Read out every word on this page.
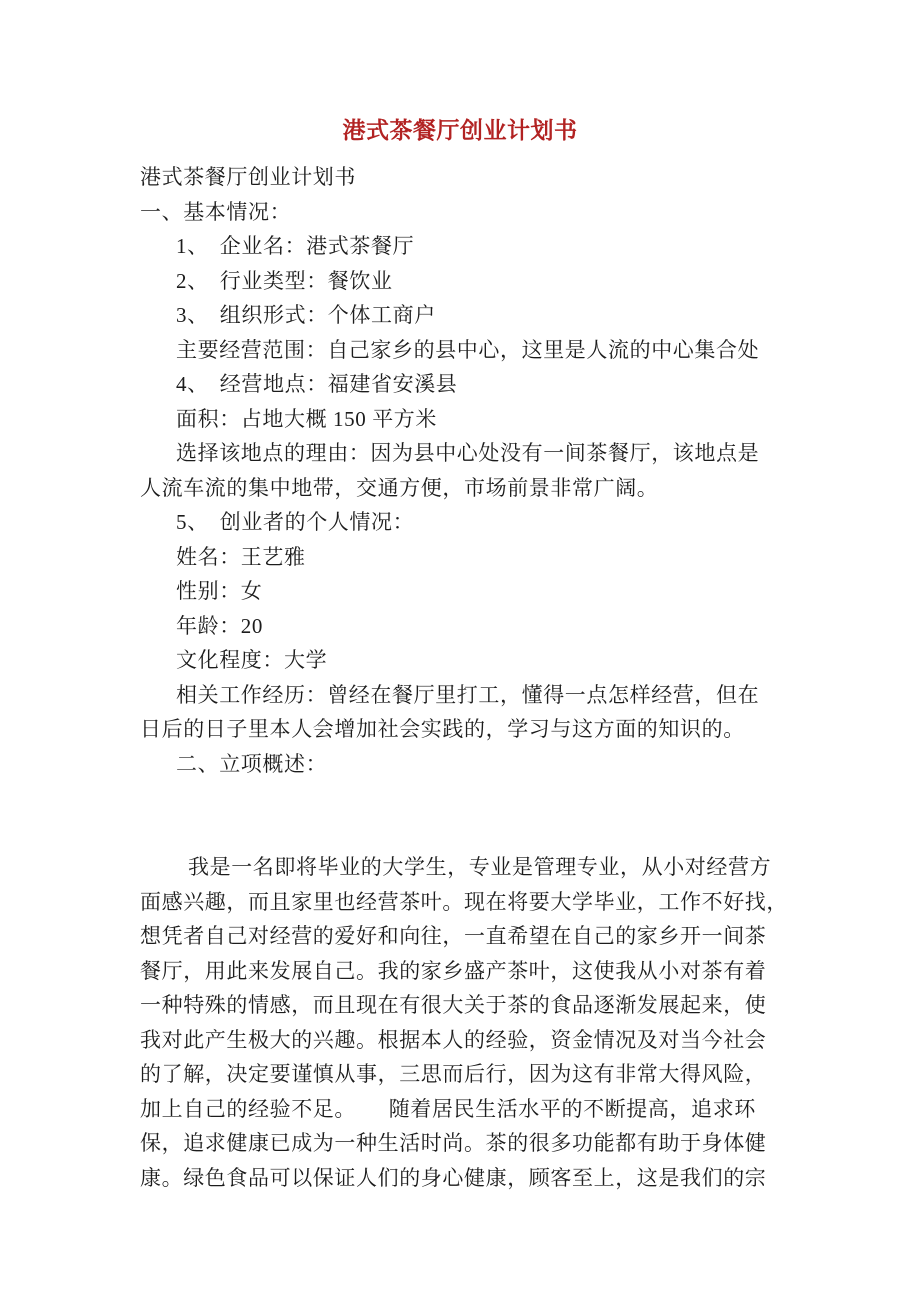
港式茶餐厅创业计划书
港式茶餐厅创业计划书
一、基本情况：
1、　企业名：港式茶餐厅
2、　行业类型：餐饮业
3、　组织形式：个体工商户
主要经营范围：自己家乡的县中心，这里是人流的中心集合处
4、　经营地点：福建省安溪县
面积：占地大概 150 平方米
选择该地点的理由：因为县中心处没有一间茶餐厅，该地点是
人流车流的集中地带，交通方便，市场前景非常广阔。
5、　创业者的个人情况：
姓名：王艺雅
性别：女
年龄：20
文化程度：大学
相关工作经历：曾经在餐厅里打工，懂得一点怎样经营，但在
日后的日子里本人会增加社会实践的，学习与这方面的知识的。
二、立项概述：
我是一名即将毕业的大学生，专业是管理专业，从小对经营方
面感兴趣，而且家里也经营茶叶。现在将要大学毕业，工作不好找，
想凭者自己对经营的爱好和向往，一直希望在自己的家乡开一间茶
餐厅，用此来发展自己。我的家乡盛产茶叶，这使我从小对茶有着
一种特殊的情感，而且现在有很大关于茶的食品逐渐发展起来，使
我对此产生极大的兴趣。根据本人的经验，资金情况及对当今社会
的了解，决定要谨慎从事，三思而后行，因为这有非常大得风险，
加上自己的经验不足。　　随着居民生活水平的不断提高，追求环
保，追求健康已成为一种生活时尚。茶的很多功能都有助于身体健
康。绿色食品可以保证人们的身心健康，顾客至上，这是我们的宗
